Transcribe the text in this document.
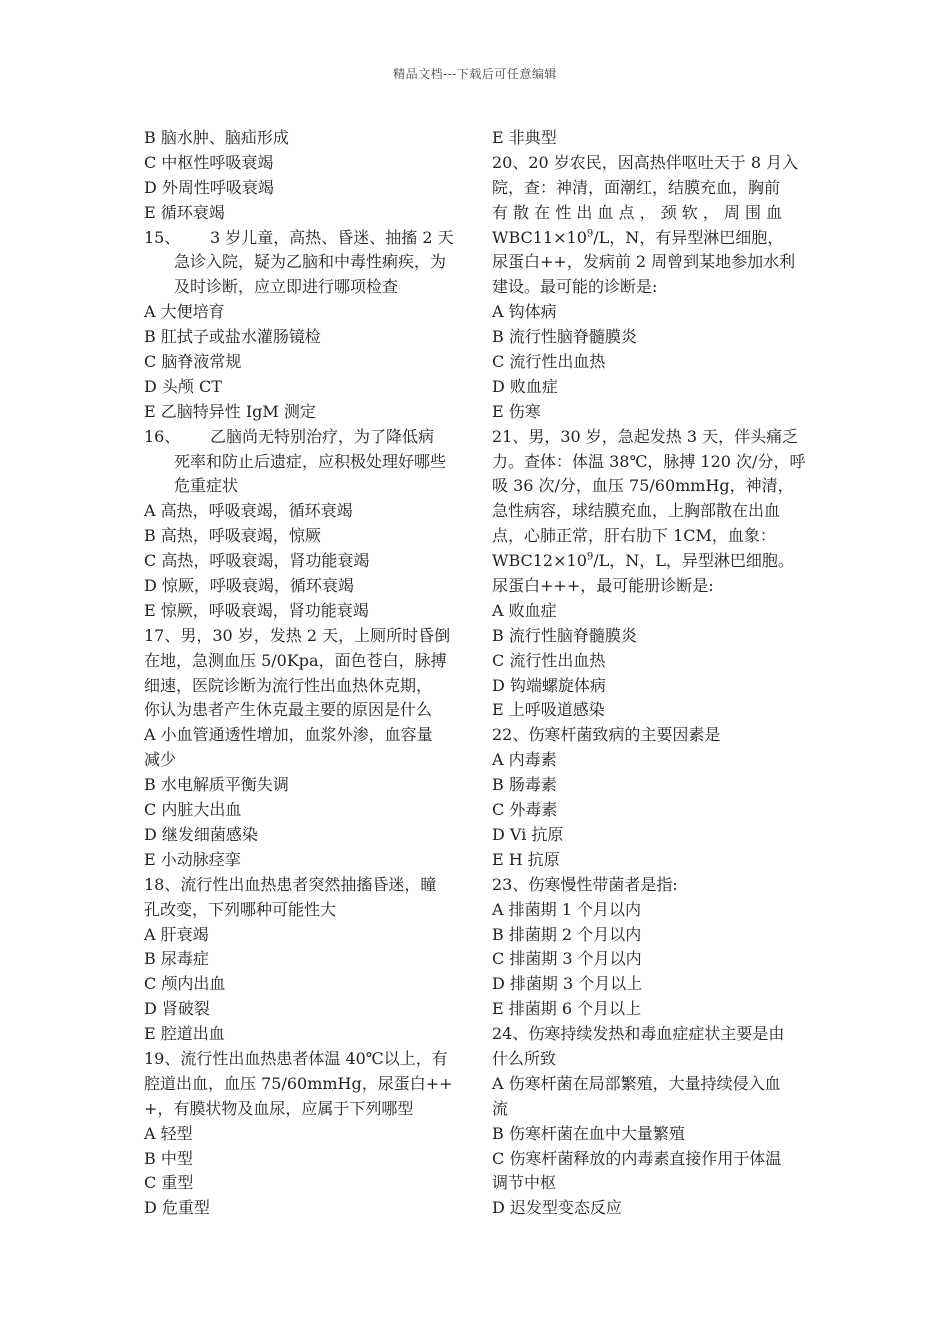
精品文档---下载后可任意编辑
B 脑水肿、脑疝形成
C 中枢性呼吸衰竭
D 外周性呼吸衰竭
E 循环衰竭
15、 3 岁儿童，高热、昏迷、抽搐 2 天
急诊入院，疑为乙脑和中毒性痢疾，为
及时诊断，应立即进行哪项检查
A 大便培育
B 肛拭子或盐水灌肠镜检
C 脑脊液常规
D 头颅 CT
E 乙脑特异性 IgM 测定
16、 乙脑尚无特别治疗，为了降低病
死率和防止后遗症，应积极处理好哪些
危重症状
A 高热，呼吸衰竭，循环衰竭
B 高热，呼吸衰竭，惊厥
C 高热，呼吸衰竭，肾功能衰竭
D 惊厥，呼吸衰竭，循环衰竭
E 惊厥，呼吸衰竭，肾功能衰竭
17、男，30 岁，发热 2 天，上厕所时昏倒
在地，急测血压 5/0Kpa，面色苍白，脉搏
细速，医院诊断为流行性出血热休克期，
你认为患者产生休克最主要的原因是什么
A 小血管通透性增加，血浆外渗，血容量
减少
B 水电解质平衡失调
C 内脏大出血
D 继发细菌感染
E 小动脉痉挛
18、流行性出血热患者突然抽搐昏迷，瞳
孔改变，下列哪种可能性大
A 肝衰竭
B 尿毒症
C 颅内出血
D 肾破裂
E 腔道出血
19、流行性出血热患者体温 40℃以上，有
腔道出血，血压 75/60mmHg，尿蛋白++
+，有膜状物及血尿，应属于下列哪型
A 轻型
B 中型
C 重型
D 危重型
E 非典型
20、20 岁农民，因高热伴呕吐天于 8 月入
院，查：神清，面潮红，结膜充血，胸前
有 散 在 性 出 血 点 ， 颈 软 ， 周 围 血
$WBC11\times 10^9/L$，N，有异型淋巴细胞，
尿蛋白++，发病前 2 周曾到某地参加水利
建设。最可能的诊断是:
A 钩体病
B 流行性脑脊髓膜炎
C 流行性出血热
D 败血症
E 伤寒
21、男，30 岁，急起发热 3 天，伴头痛乏
力。查体：体温 38℃，脉搏 120 次/分，呼
吸 36 次/分，血压 75/60mmHg，神清，
急性病容，球结膜充血，上胸部散在出血
点，心肺正常，肝右肋下 1CM，血象：
$WBC12\times 10^9/L$，N，L，异型淋巴细胞。
尿蛋白+++，最可能册诊断是:
A 败血症
B 流行性脑脊髓膜炎
C 流行性出血热
D 钩端螺旋体病
E 上呼吸道感染
22、伤寒杆菌致病的主要因素是
A 内毒素
B 肠毒素
C 外毒素
D Vi 抗原
E H 抗原
23、伤寒慢性带菌者是指:
A 排菌期 1 个月以内
B 排菌期 2 个月以内
C 排菌期 3 个月以内
D 排菌期 3 个月以上
E 排菌期 6 个月以上
24、伤寒持续发热和毒血症症状主要是由
什么所致
A 伤寒杆菌在局部繁殖，大量持续侵入血
流
B 伤寒杆菌在血中大量繁殖
C 伤寒杆菌释放的内毒素直接作用于体温
调节中枢
D 迟发型变态反应
